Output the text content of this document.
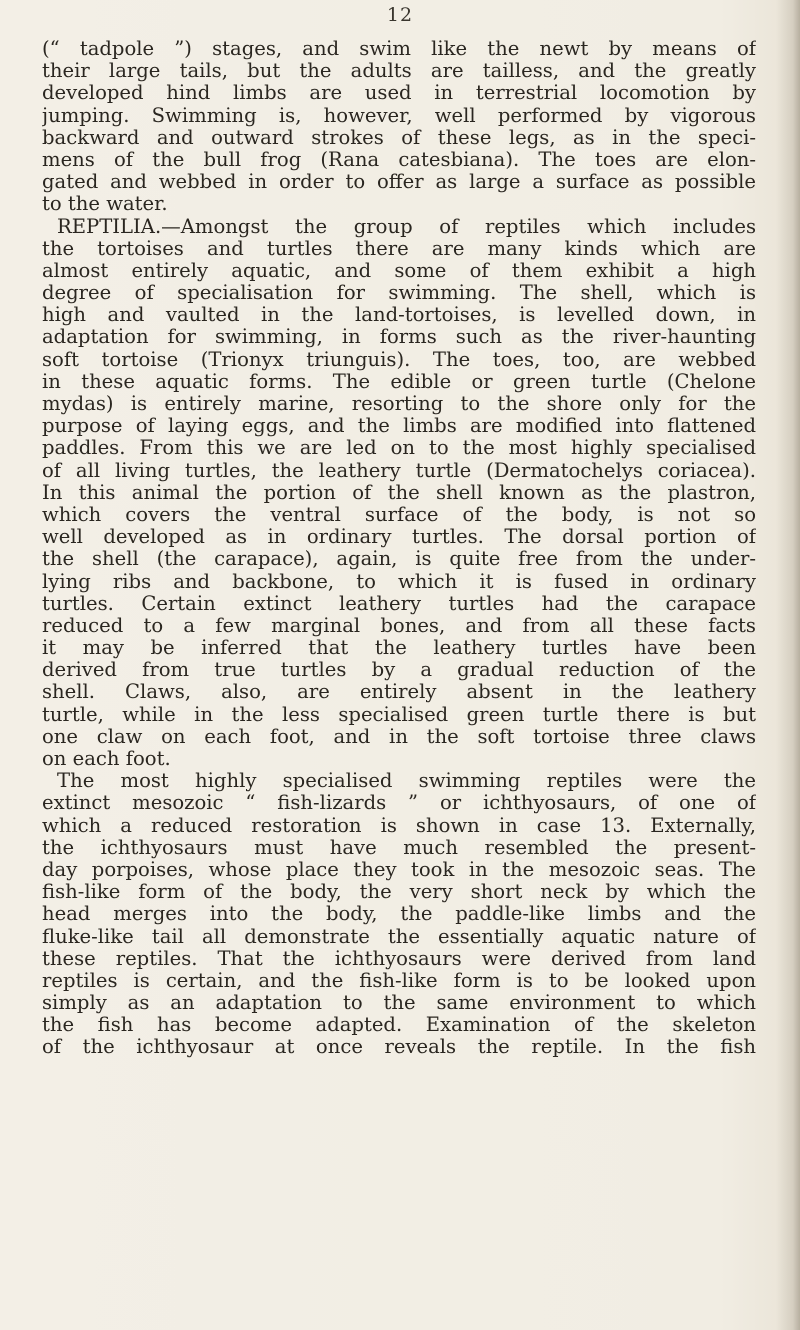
12
(“ tadpole ”) stages, and swim like the newt by means of
their large tails, but the adults are tailless, and the greatly
developed hind limbs are used in terrestrial locomotion by
jumping. Swimming is, however, well performed by vigorous
backward and outward strokes of these legs, as in the speci-
mens of the bull frog (Rana catesbiana). The toes are elon-
gated and webbed in order to offer as large a surface as possible
to the water.
REPTILIA.—Amongst the group of reptiles which includes
the tortoises and turtles there are many kinds which are
almost entirely aquatic, and some of them exhibit a high
degree of specialisation for swimming. The shell, which is
high and vaulted in the land-tortoises, is levelled down, in
adaptation for swimming, in forms such as the river-haunting
soft tortoise (Trionyx triunguis). The toes, too, are webbed
in these aquatic forms. The edible or green turtle (Chelone
mydas) is entirely marine, resorting to the shore only for the
purpose of laying eggs, and the limbs are modified into flattened
paddles. From this we are led on to the most highly specialised
of all living turtles, the leathery turtle (Dermatochelys coriacea).
In this animal the portion of the shell known as the plastron,
which covers the ventral surface of the body, is not so
well developed as in ordinary turtles. The dorsal portion of
the shell (the carapace), again, is quite free from the under-
lying ribs and backbone, to which it is fused in ordinary
turtles. Certain extinct leathery turtles had the carapace
reduced to a few marginal bones, and from all these facts
it may be inferred that the leathery turtles have been
derived from true turtles by a gradual reduction of the
shell. Claws, also, are entirely absent in the leathery
turtle, while in the less specialised green turtle there is but
one claw on each foot, and in the soft tortoise three claws
on each foot.
The most highly specialised swimming reptiles were the
extinct mesozoic “ fish-lizards ” or ichthyosaurs, of one of
which a reduced restoration is shown in case 13. Externally,
the ichthyosaurs must have much resembled the present-
day porpoises, whose place they took in the mesozoic seas. The
fish-like form of the body, the very short neck by which the
head merges into the body, the paddle-like limbs and the
fluke-like tail all demonstrate the essentially aquatic nature of
these reptiles. That the ichthyosaurs were derived from land
reptiles is certain, and the fish-like form is to be looked upon
simply as an adaptation to the same environment to which
the fish has become adapted. Examination of the skeleton
of the ichthyosaur at once reveals the reptile. In the fish
